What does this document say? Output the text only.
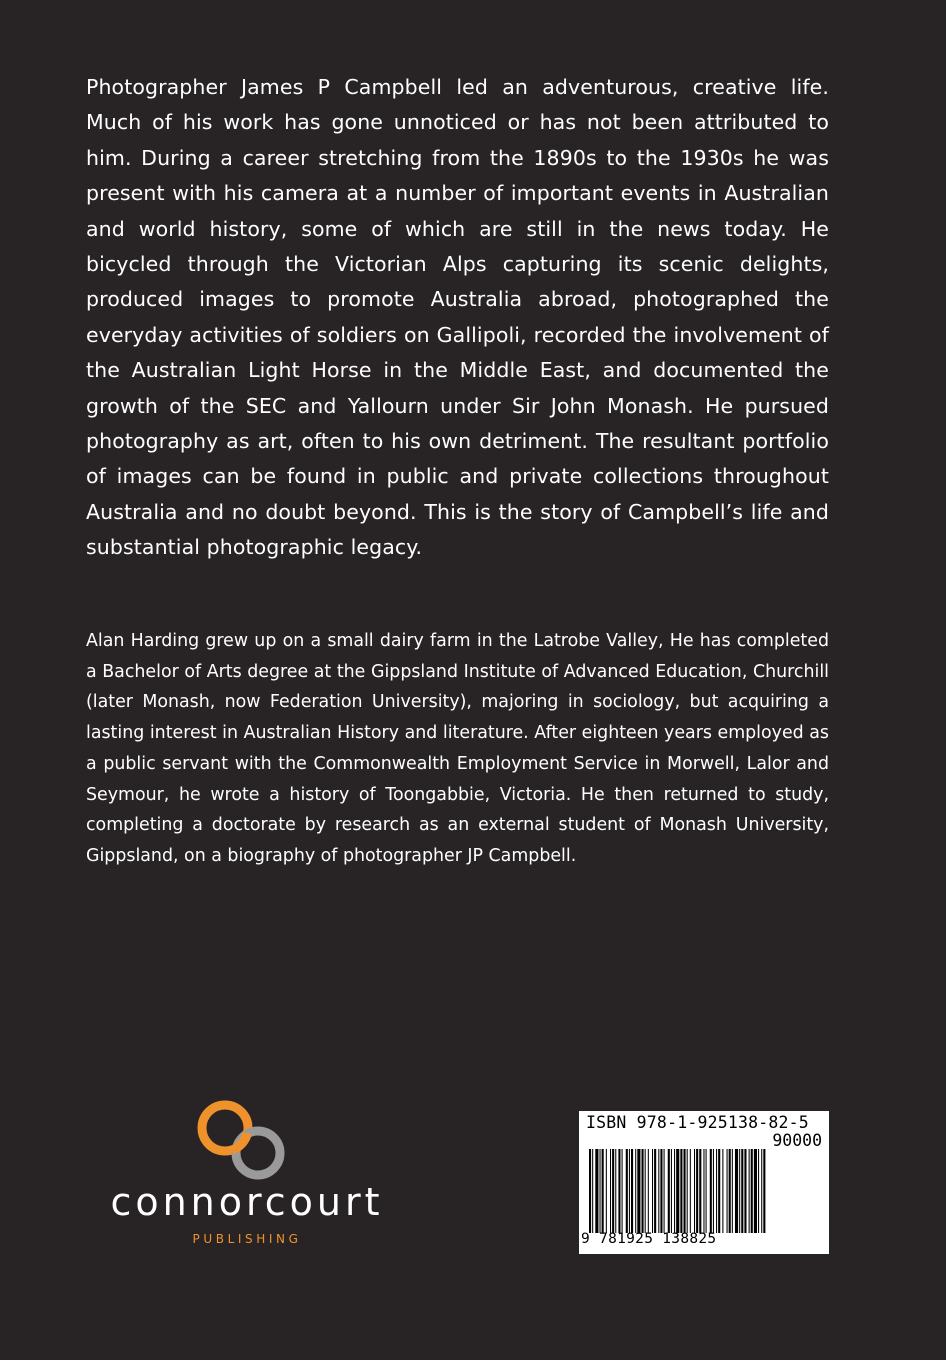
Photographer James P Campbell led an adventurous, creative life. Much of his work has gone unnoticed or has not been attributed to him. During a career stretching from the 1890s to the 1930s he was present with his camera at a number of important events in Australian and world history, some of which are still in the news today. He bicycled through the Victorian Alps capturing its scenic delights, produced images to promote Australia abroad, photographed the everyday activities of soldiers on Gallipoli, recorded the involvement of the Australian Light Horse in the Middle East, and documented the growth of the SEC and Yallourn under Sir John Monash. He pursued photography as art, often to his own detriment. The resultant portfolio of images can be found in public and private collections throughout Australia and no doubt beyond. This is the story of Campbell’s life and substantial photographic legacy.

Alan Harding grew up on a small dairy farm in the Latrobe Valley, He has completed a Bachelor of Arts degree at the Gippsland Institute of Advanced Education, Churchill (later Monash, now Federation University), majoring in sociology, but acquiring a lasting interest in Australian History and literature. After eighteen years employed as a public servant with the Commonwealth Employment Service in Morwell, Lalor and Seymour, he wrote a history of Toongabbie, Victoria. He then returned to study, completing a doctorate by research as an external student of Monash University, Gippsland, on a biography of photographer JP Campbell.

connorcourt
PUBLISHING
ISBN 978-1-925138-82-5
90000
9 781925 138825
